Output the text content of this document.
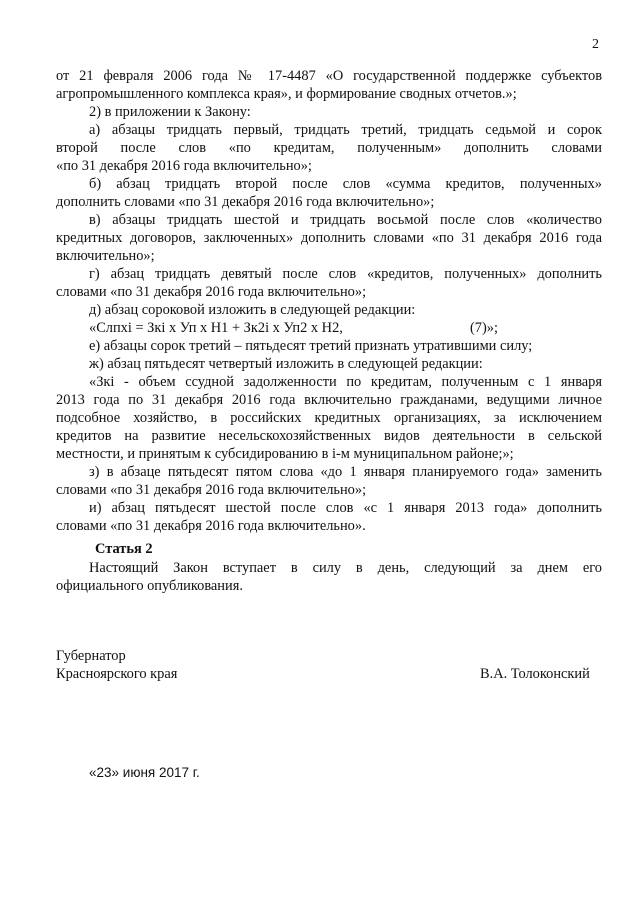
2
от 21 февраля 2006 года № 17-4487 «О государственной поддержке субъектов
агропромышленного комплекса края», и формирование сводных отчетов.»;
2) в приложении к Закону:
а) абзацы тридцать первый, тридцать третий, тридцать седьмой и сорок
второй после слов «по кредитам, полученным» дополнить словами
«по 31 декабря 2016 года включительно»;
б) абзац тридцать второй после слов «сумма кредитов, полученных»
дополнить словами «по 31 декабря 2016 года включительно»;
в) абзацы тридцать шестой и тридцать восьмой после слов «количество
кредитных договоров, заключенных» дополнить словами «по 31 декабря 2016 года
включительно»;
г) абзац тридцать девятый после слов «кредитов, полученных» дополнить
словами «по 31 декабря 2016 года включительно»;
д) абзац сороковой изложить в следующей редакции:
«Cлпхi = Зкi х Уп х Н1 + Зк2i х Уп2 х Н2,	(7)»;
е) абзацы сорок третий – пятьдесят третий признать утратившими силу;
ж) абзац пятьдесят четвертый изложить в следующей редакции:
«Зкi - объем ссудной задолженности по кредитам, полученным с 1 января
2013 года по 31 декабря 2016 года включительно гражданами, ведущими личное
подсобное хозяйство, в российских кредитных организациях, за исключением
кредитов на развитие несельскохозяйственных видов деятельности в сельской
местности, и принятым к субсидированию в i-м муниципальном районе;»;
з) в абзаце пятьдесят пятом слова «до 1 января планируемого года» заменить
словами «по 31 декабря 2016 года включительно»;
и) абзац пятьдесят шестой после слов «с 1 января 2013 года» дополнить
словами «по 31 декабря 2016 года включительно».
Статья 2
Настоящий Закон вступает в силу в день, следующий за днем его
официального опубликования.
Губернатор
Красноярского края	В.А. Толоконский
«23» июня 2017 г.
